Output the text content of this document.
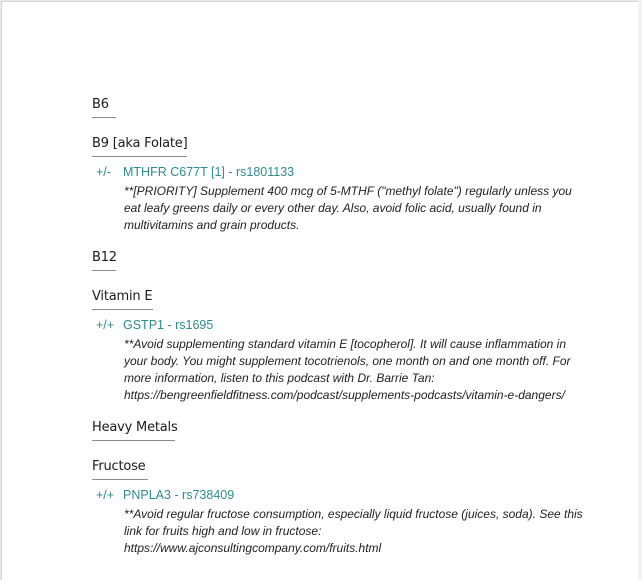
B6
B9 [aka Folate]
+/- MTHFR C677T [1] - rs1801133

**[PRIORITY] Supplement 400 mcg of 5-MTHF ("methyl folate") regularly unless you
eat leafy greens daily or every other day. Also, avoid folic acid, usually found in
multivitamins and grain products.

B12
Vitamin E
+/+ GSTP1 - rs1695

**Avoid supplementing standard vitamin E [tocopherol]. It will cause inflammation in
your body. You might supplement tocotrienols, one month on and one month off. For
more information, listen to this podcast with Dr. Barrie Tan:
https://bengreenfieldfitness.com/podcast/supplements-podcasts/vitamin-e-dangers/

Heavy Metals
Fructose
+/+ PNPLA3 - rs738409

**Avoid regular fructose consumption, especially liquid fructose (juices, soda). See this
link for fruits high and low in fructose:
https://www.ajconsultingcompany.com/fruits.html
